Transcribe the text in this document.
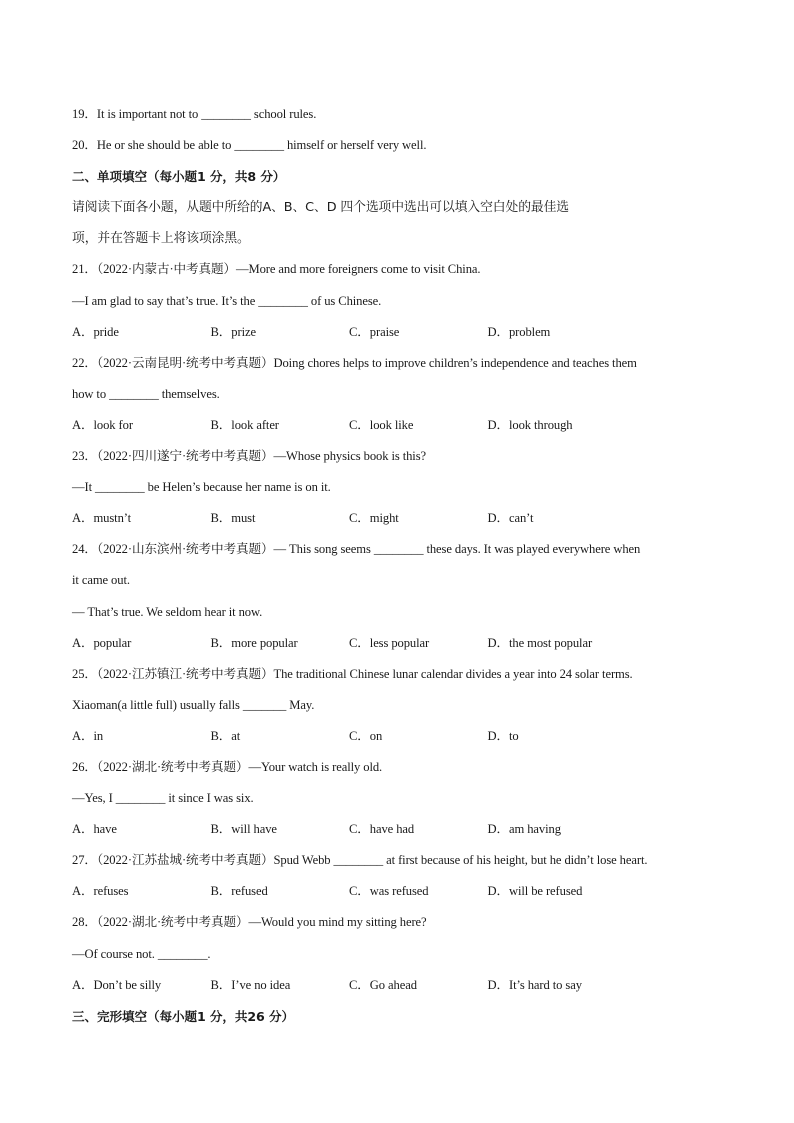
19．It is important not to ________ school rules.
20．He or she should be able to ________ himself or herself very well.
二、单项填空（每小题1 分，共8 分）
请阅读下面各小题，从题中所给的A、B、C、D 四个选项中选出可以填入空白处的最佳选
项，并在答题卡上将该项涂黑。
21．（2022·内蒙古·中考真题）—More and more foreigners come to visit China.
—I am glad to say that’s true. It’s the ________ of us Chinese.
A．pride	B．prize	C．praise	D．problem
22．（2022·云南昆明·统考中考真题）Doing chores helps to improve children’s independence and teaches them
how to ________ themselves.
A．look for	B．look after	C．look like	D．look through
23．（2022·四川遂宁·统考中考真题）—Whose physics book is this?
—It ________ be Helen’s because her name is on it.
A．mustn’t	B．must	C．might	D．can’t
24．（2022·山东滨州·统考中考真题）— This song seems ________ these days. It was played everywhere when
it came out.
— That’s true. We seldom hear it now.
A．popular	B．more popular	C．less popular	D．the most popular
25．（2022·江苏镇江·统考中考真题）The traditional Chinese lunar calendar divides a year into 24 solar terms.
Xiaoman(a little full) usually falls _______ May.
A．in	B．at	C．on	D．to
26．（2022·湖北·统考中考真题）—Your watch is really old.
—Yes, I ________ it since I was six.
A．have	B．will have	C．have had	D．am having
27．（2022·江苏盐城·统考中考真题）Spud Webb ________ at first because of his height, but he didn’t lose heart.
A．refuses	B．refused	C．was refused	D．will be refused
28．（2022·湖北·统考中考真题）—Would you mind my sitting here?
—Of course not. ________.
A．Don’t be silly	B．I’ve no idea	C．Go ahead	D．It’s hard to say
三、完形填空（每小题1 分，共26 分）
